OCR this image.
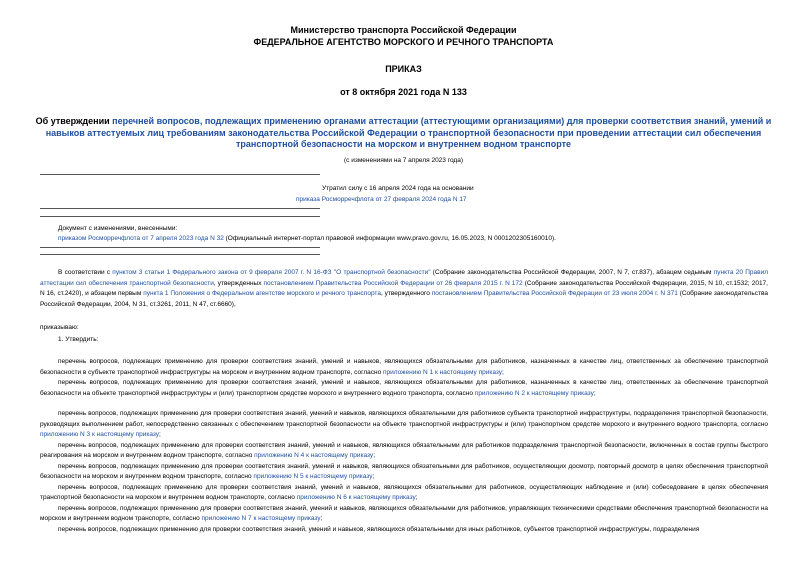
Министерство транспорта Российской Федерации
ФЕДЕРАЛЬНОЕ АГЕНТСТВО МОРСКОГО И РЕЧНОГО ТРАНСПОРТА
ПРИКАЗ
от 8 октября 2021 года N 133
Об утверждении перечней вопросов, подлежащих применению органами аттестации (аттестующими организациями) для проверки соответствия знаний, умений и навыков аттестуемых лиц требованиям законодательства Российской Федерации о транспортной безопасности при проведении аттестации сил обеспечения транспортной безопасности на морском и внутреннем водном транспорте
(с изменениями на 7 апреля 2023 года)
Утратил силу с 16 апреля 2024 года на основании
приказа Росморречфлота от 27 февраля 2024 года N 17
Документ с изменениями, внесенными:
приказом Росморречфлота от 7 апреля 2023 года N 32 (Официальный интернет-портал правовой информации www.pravo.gov.ru, 16.05.2023, N 0001202305160010).

В соответствии с пунктом 3 статьи 1 Федерального закона от 9 февраля 2007 г. N 16-ФЗ "О транспортной безопасности" (Собрание законодательства Российской Федерации, 2007, N 7, ст.837), абзацем седьмым пункта 20 Правил аттестации сил обеспечения транспортной безопасности, утвержденных постановлением Правительства Российской Федерации от 26 февраля 2015 г. N 172 (Собрание законодательства Российской Федерации, 2015, N 10, ст.1532; 2017, N 16, ст.2420), и абзацем первым пункта 1 Положения о Федеральном агентстве морского и речного транспорта, утвержденного постановлением Правительства Российской Федерации от 23 июля 2004 г. N 371 (Собрание законодательства Российской Федерации, 2004, N 31, ст.3261, 2011, N 47, ст.6660),

приказываю:

1. Утвердить:

перечень вопросов, подлежащих применению для проверки соответствия знаний, умений и навыков, являющихся обязательными для работников, назначенных в качестве лиц, ответственных за обеспечение транспортной безопасности в субъекте транспортной инфраструктуры на морском и внутреннем водном транспорте, согласно приложению N 1 к настоящему приказу;

перечень вопросов, подлежащих применению для проверки соответствия знаний, умений и навыков, являющихся обязательными для работников, назначенных в качестве лиц, ответственных за обеспечение транспортной безопасности на объекте транспортной инфраструктуры и (или) транспортном средстве морского и внутреннего водного транспорта, согласно приложению N 2 к настоящему приказу;

перечень вопросов, подлежащих применению для проверки соответствия знаний, умений и навыков, являющихся обязательными для работников субъекта транспортной инфраструктуры, подразделения транспортной безопасности, руководящих выполнением работ, непосредственно связанных с обеспечением транспортной безопасности на объекте транспортной инфраструктуры и (или) транспортном средстве морского и внутреннего водного транспорта, согласно приложению N 3 к настоящему приказу;

перечень вопросов, подлежащих применению для проверки соответствия знаний, умений и навыков, являющихся обязательными для работников подразделения транспортной безопасности, включенных в состав группы быстрого реагирования на морском и внутреннем водном транспорте, согласно приложению N 4 к настоящему приказу;

перечень вопросов, подлежащих применению для проверки соответствия знаний, умений и навыков, являющихся обязательными для работников, осуществляющих досмотр, повторный досмотр в целях обеспечения транспортной безопасности на морском и внутреннем водном транспорте, согласно приложению N 5 к настоящему приказу;

перечень вопросов, подлежащих применению для проверки соответствия знаний, умений и навыков, являющихся обязательными для работников, осуществляющих наблюдение и (или) собеседование в целях обеспечения транспортной безопасности на морском и внутреннем водном транспорте, согласно приложению N 6 к настоящему приказу;

перечень вопросов, подлежащих применению для проверки соответствия знаний, умений и навыков, являющихся обязательными для работников, управляющих техническими средствами обеспечения транспортной безопасности на морском и внутреннем водном транспорте, согласно приложению N 7 к настоящему приказу;

перечень вопросов, подлежащих применению для проверки соответствия знаний, умений и навыков, являющихся обязательными для иных работников, субъектов транспортной инфраструктуры, подразделения
